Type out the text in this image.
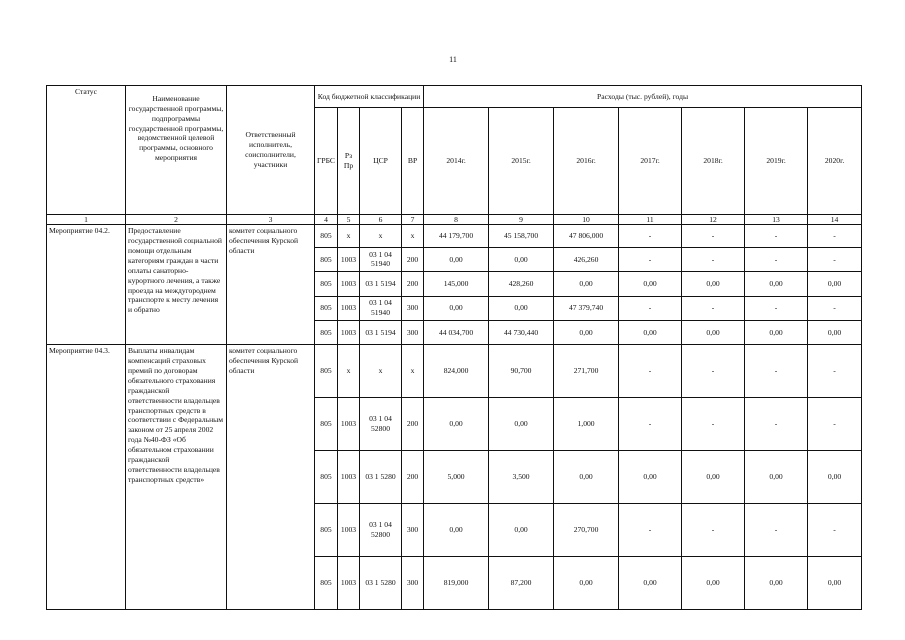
11
Статус	Наименование государственной программы, подпрограммы государственной программы, ведомственной целевой программы, основного мероприятия	Ответственный исполнитель, соисполнители, участники	Код бюджетной классификации				Расходы (тыс. рублей), годы						
			ГРБС	Рз Пр	ЦСР	ВР	2014г.	2015г.	2016г.	2017г.	2018г.	2019г.	2020г.
1	2	3	4	5	6	7	8	9	10	11	12	13	14
Мероприятие 04.2.	Предоставление государственной социальной помощи отдельным категориям граждан в части оплаты санаторно-курортного лечения, а также проезда на междугороднем транспорте к месту лечения и обратно	комитет социального обеспечения Курской области	805	x	x	x	44 179,700	45 158,700	47 806,000	-	-	-	-
			805	1003	03 1 04 51940	200	0,00	0,00	426,260	-	-	-	-
			805	1003	03 1 5194	200	145,000	428,260	0,00	0,00	0,00	0,00	0,00
			805	1003	03 1 04 51940	300	0,00	0,00	47 379,740	-	-	-	-
			805	1003	03 1 5194	300	44 034,700	44 730,440	0,00	0,00	0,00	0,00	0,00
Мероприятие 04.3.	Выплаты инвалидам компенсаций страховых премий по договорам обязательного страхования гражданской ответственности владельцев транспортных средств в соответствии с Федеральным законом от 25 апреля 2002 года №40-ФЗ «Об обязательном страховании гражданской ответственности владельцев транспортных средств»	комитет социального обеспечения Курской области	805	x	x	x	824,000	90,700	271,700	-	-	-	-
			805	1003	03 1 04 52800	200	0,00	0,00	1,000	-	-	-	-
			805	1003	03 1 5280	200	5,000	3,500	0,00	0,00	0,00	0,00	0,00
			805	1003	03 1 04 52800	300	0,00	0,00	270,700	-	-	-	-
			805	1003	03 1 5280	300	819,000	87,200	0,00	0,00	0,00	0,00	0,00
